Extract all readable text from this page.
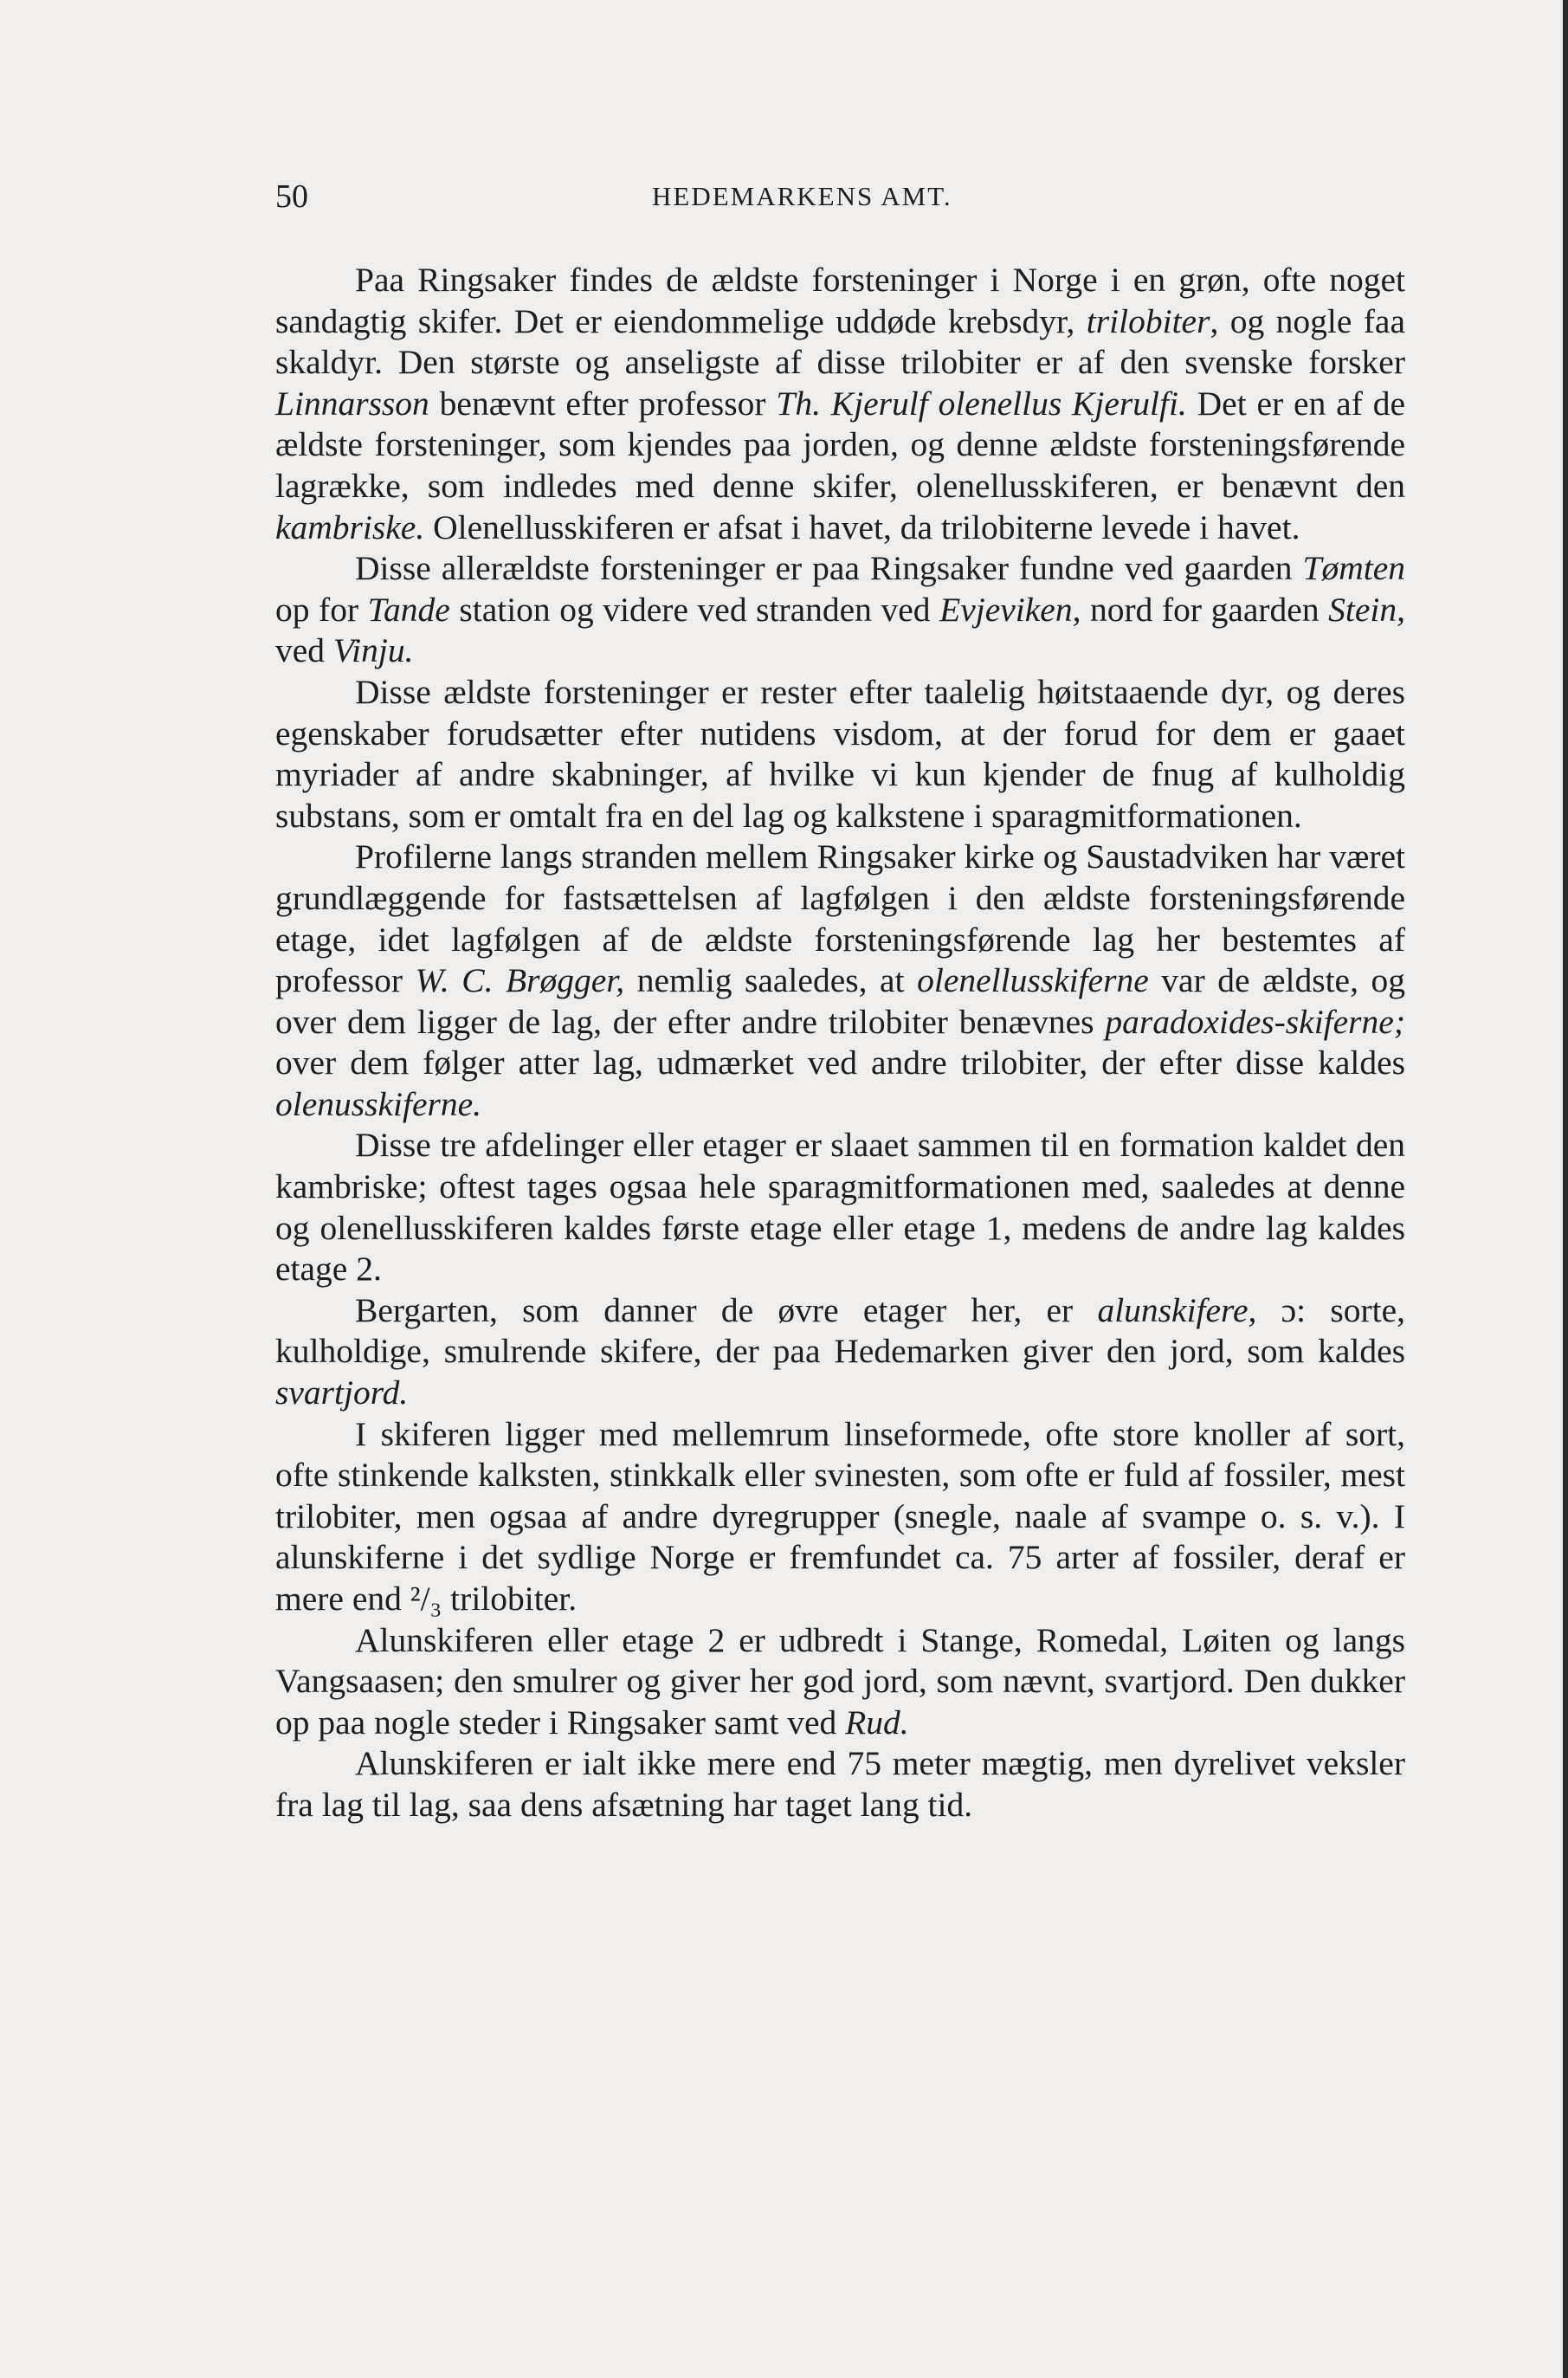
50	HEDEMARKENS AMT.

Paa Ringsaker findes de ældste forsteninger i Norge i en grøn, ofte noget sandagtig skifer. Det er eiendommelige uddøde krebsdyr, trilobiter, og nogle faa skaldyr. Den største og anseligste af disse trilobiter er af den svenske forsker Linnarsson benævnt efter professor Th. Kjerulf olenellus Kjerulfi. Det er en af de ældste forsteninger, som kjendes paa jorden, og denne ældste forsteningsførende lagrække, som indledes med denne skifer, olenellusskiferen, er benævnt den kambriske. Olenellusskiferen er afsat i havet, da trilobiterne levede i havet.

Disse allerældste forsteninger er paa Ringsaker fundne ved gaarden Tømten op for Tande station og videre ved stranden ved Evjeviken, nord for gaarden Stein, ved Vinju.

Disse ældste forsteninger er rester efter taalelig høitstaaende dyr, og deres egenskaber forudsætter efter nutidens visdom, at der forud for dem er gaaet myriader af andre skabninger, af hvilke vi kun kjender de fnug af kulholdig substans, som er omtalt fra en del lag og kalkstene i sparagmitformationen.

Profilerne langs stranden mellem Ringsaker kirke og Saustadviken har været grundlæggende for fastsættelsen af lagfølgen i den ældste forsteningsførende etage, idet lagfølgen af de ældste forsteningsførende lag her bestemtes af professor W. C. Brøgger, nemlig saaledes, at olenellusskiferne var de ældste, og over dem ligger de lag, der efter andre trilobiter benævnes paradoxides-skiferne; over dem følger atter lag, udmærket ved andre trilobiter, der efter disse kaldes olenusskiferne.

Disse tre afdelinger eller etager er slaaet sammen til en formation kaldet den kambriske; oftest tages ogsaa hele sparagmitformationen med, saaledes at denne og olenellusskiferen kaldes første etage eller etage 1, medens de andre lag kaldes etage 2.

Bergarten, som danner de øvre etager her, er alunskifere, ɔ: sorte, kulholdige, smulrende skifere, der paa Hedemarken giver den jord, som kaldes svartjord.

I skiferen ligger med mellemrum linseformede, ofte store knoller af sort, ofte stinkende kalksten, stinkkalk eller svinesten, som ofte er fuld af fossiler, mest trilobiter, men ogsaa af andre dyregrupper (snegle, naale af svampe o. s. v.). I alunskiferne i det sydlige Norge er fremfundet ca. 75 arter af fossiler, deraf er mere end ²/₃ trilobiter.

Alunskiferen eller etage 2 er udbredt i Stange, Romedal, Løiten og langs Vangsaasen; den smulrer og giver her god jord, som nævnt, svartjord. Den dukker op paa nogle steder i Ringsaker samt ved Rud.

Alunskiferen er ialt ikke mere end 75 meter mægtig, men dyrelivet veksler fra lag til lag, saa dens afsætning har taget lang tid.
